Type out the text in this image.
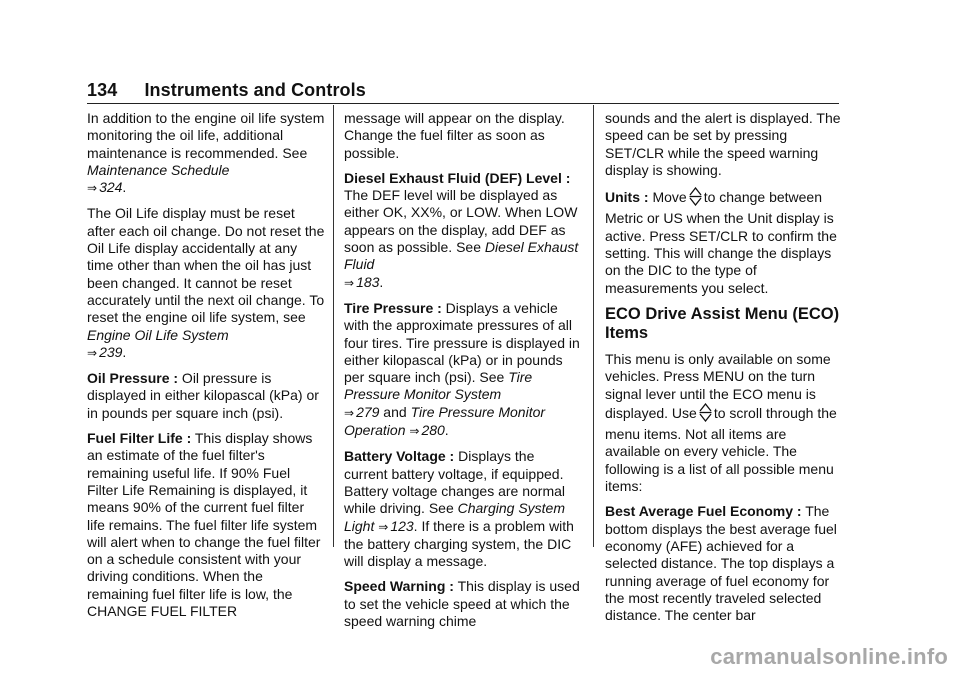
134 Instruments and Controls

In addition to the engine oil life system monitoring the oil life, additional maintenance is recommended. See Maintenance Schedule
⇒ 324.

The Oil Life display must be reset after each oil change. Do not reset the Oil Life display accidentally at any time other than when the oil has just been changed. It cannot be reset accurately until the next oil change. To reset the engine oil life system, see Engine Oil Life System
⇒ 239.

Oil Pressure : Oil pressure is displayed in either kilopascal (kPa) or in pounds per square inch (psi).

Fuel Filter Life : This display shows an estimate of the fuel filter's remaining useful life. If 90% Fuel Filter Life Remaining is displayed, it means 90% of the current fuel filter life remains. The fuel filter life system will alert when to change the fuel filter on a schedule consistent with your driving conditions. When the remaining fuel filter life is low, the CHANGE FUEL FILTER

message will appear on the display. Change the fuel filter as soon as possible.

Diesel Exhaust Fluid (DEF) Level : The DEF level will be displayed as either OK, XX%, or LOW. When LOW appears on the display, add DEF as soon as possible. See Diesel Exhaust Fluid
⇒ 183.

Tire Pressure : Displays a vehicle with the approximate pressures of all four tires. Tire pressure is displayed in either kilopascal (kPa) or in pounds per square inch (psi). See Tire Pressure Monitor System
⇒ 279 and Tire Pressure Monitor Operation ⇒ 280.

Battery Voltage : Displays the current battery voltage, if equipped. Battery voltage changes are normal while driving. See Charging System Light ⇒ 123. If there is a problem with the battery charging system, the DIC will display a message.

Speed Warning : This display is used to set the vehicle speed at which the speed warning chime

sounds and the alert is displayed. The speed can be set by pressing SET/CLR while the speed warning display is showing.

Units : Move to change between Metric or US when the Unit display is active. Press SET/CLR to confirm the setting. This will change the displays on the DIC to the type of measurements you select.

ECO Drive Assist Menu (ECO) Items

This menu is only available on some vehicles. Press MENU on the turn signal lever until the ECO menu is displayed. Use to scroll through the menu items. Not all items are available on every vehicle. The following is a list of all possible menu items:

Best Average Fuel Economy : The bottom displays the best average fuel economy (AFE) achieved for a selected distance. The top displays a running average of fuel economy for the most recently traveled selected distance. The center bar

carmanualsonline.info
